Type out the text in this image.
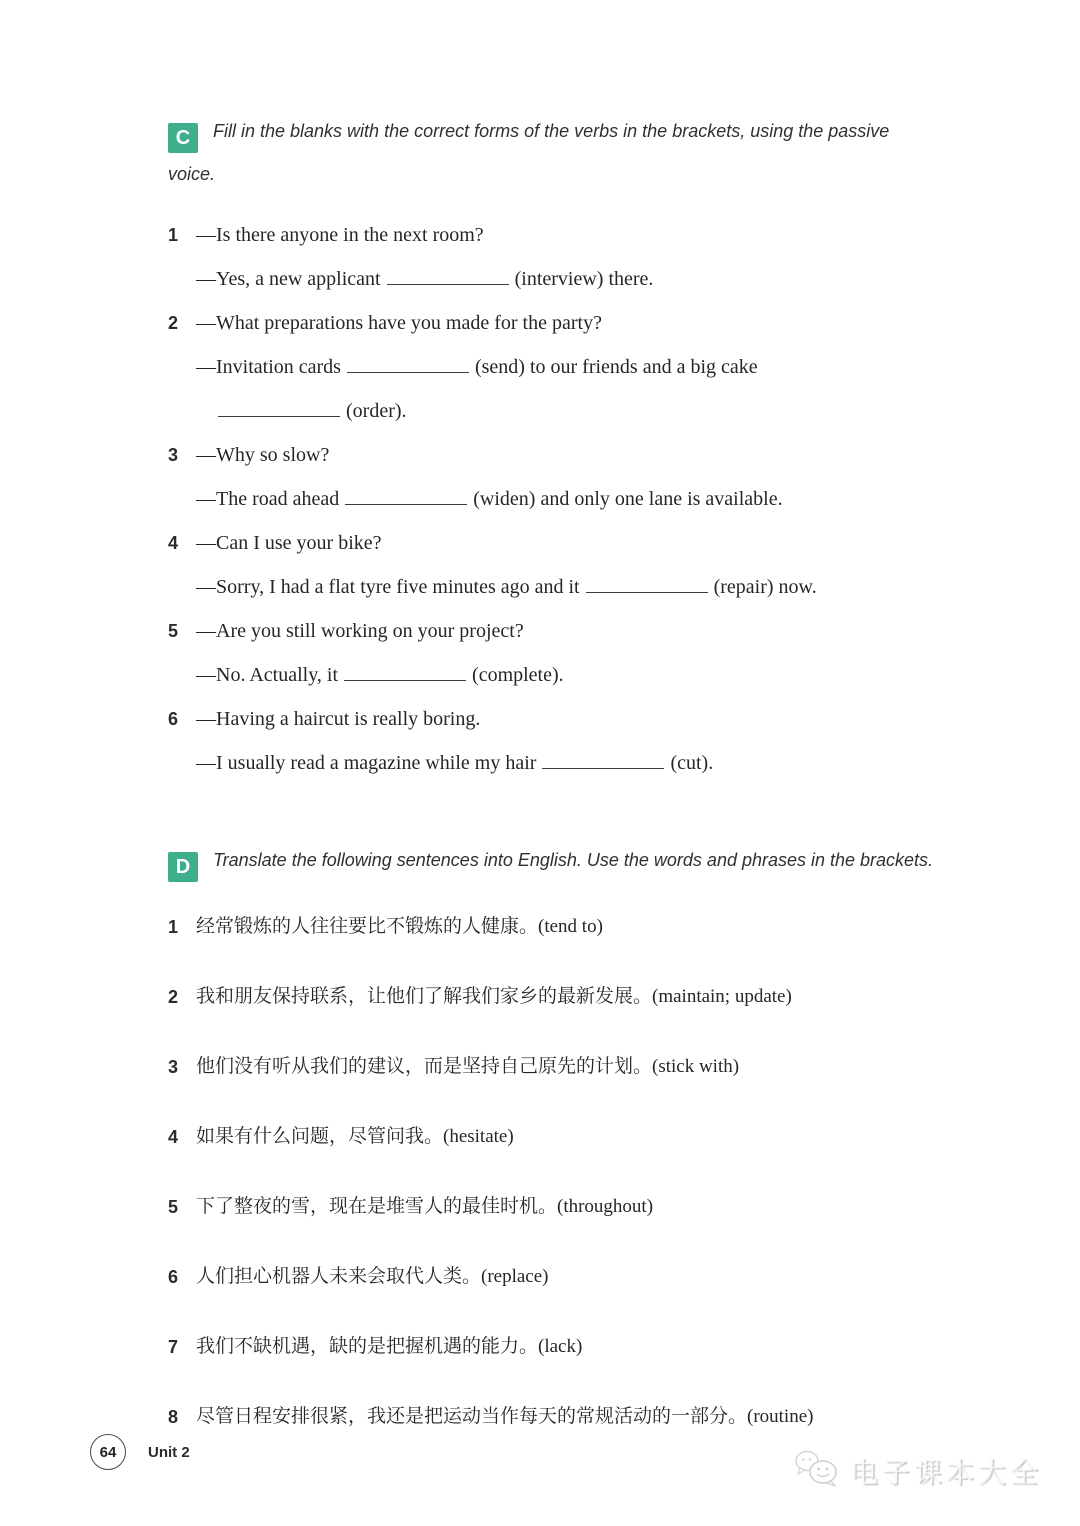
C Fill in the blanks with the correct forms of the verbs in the brackets, using the passive
voice.
1 —Is there anyone in the next room?

—Yes, a new applicant	(interview) there.

2 —What preparations have you made for the party?

—Invitation cards	(send) to our friends and a big cake

(order).

3 —Why so slow?

—The road ahead	(widen) and only one lane is available.

4 —Can I use your bike?

—Sorry, I had a flat tyre five minutes ago and it	(repair) now.

5 —Are you still working on your project?

—No. Actually, it	(complete).

6 —Having a haircut is really boring.

—I usually read a magazine while my hair	(cut).

D Translate the following sentences into English. Use the words and phrases in the brackets.
1 经常锻炼的人往往要比不锻炼的人健康。(tend to)

2 我和朋友保持联系，让他们了解我们家乡的最新发展。(maintain; update)

3 他们没有听从我们的建议，而是坚持自己原先的计划。(stick with)

4 如果有什么问题，尽管问我。(hesitate)

5 下了整夜的雪，现在是堆雪人的最佳时机。(throughout)

6 人们担心机器人未来会取代人类。(replace)

7 我们不缺机遇，缺的是把握机遇的能力。(lack)

8 尽管日程安排很紧，我还是把运动当作每天的常规活动的一部分。(routine)

64 Unit 2
电子课本大全
